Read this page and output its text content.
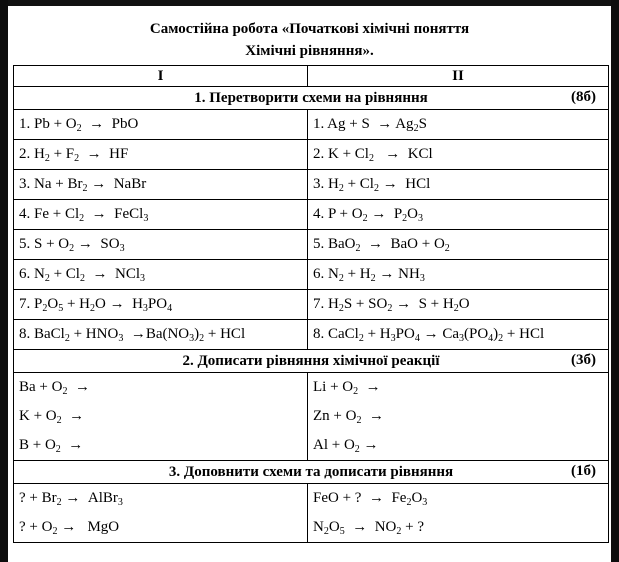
Самостійна робота «Початкові хімічні поняття
Хімічні рівняння».
I	II
1. Перетворити схеми на рівняння (8б)	

1. $Pb + O_2$  →  PbO	1. $Ag + S \to Ag_2S$
2. $H_2 + F_2$  →  HF	2. $K + Cl_2$   →  KCl
3. $Na + Br_2$ →  NaBr	3. $H_2 + Cl_2$ →  HCl
4. $Fe + Cl_2$  →  FeCl$_3$	4. $P + O_2 \to P_2O_3$
5. $S + O_2 \to SO_3$	5. BaO$_2$  →  BaO + $O_2$
6. $N_2 + Cl_2 \to NCl_3$	6. $N_2 + H_2 \to NH_3$
7. $P_2O_5 + H_2O \to H_3PO_4$	7. $H_2S + SO_2 \to S + H_2O$
8. BaCl$_2$ + $HNO_3 \to Ba(NO_3)_2$ + HCl	8. CaCl$_2$ + $H_3PO_4 \to Ca_3(PO_4)_2$ + HCl
2. Дописати рівняння хімічної реакції (3б)	

$Ba + O_2$  →	$Li + O_2$  →
$K + O_2$  →	$Zn + O_2$  →
$B + O_2$  →	$Al + O_2$ →
3. Доповнити схеми та дописати рівняння (1б)	

? + $Br_2$ →  AlBr$_3$	FeO + ?  →  $Fe_2O_3$
? + $O_2$ →   MgO	$N_2O_5 \to NO_2$ + ?
